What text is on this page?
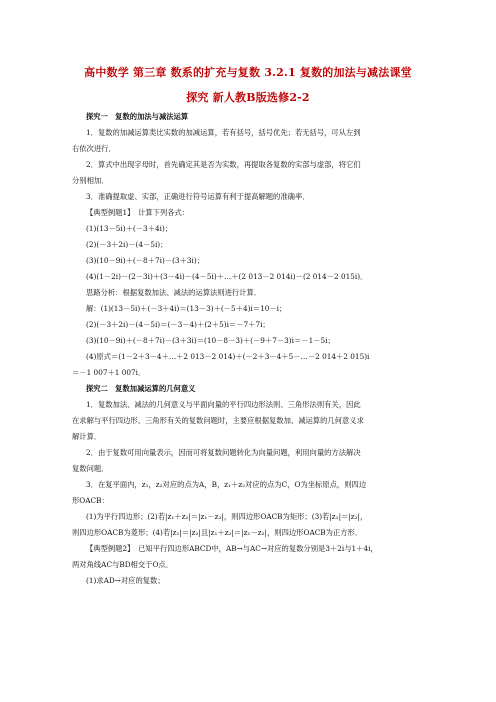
高中数学 第三章 数系的扩充与复数 3.2.1 复数的加法与减法课堂
探究 新人教B版选修2-2
探究一　复数的加法与减法运算
1．复数的加减运算类比实数的加减运算，若有括号，括号优先；若无括号，可从左到
右依次进行．
2．算式中出现字母时，首先确定其是否为实数，再提取各复数的实部与虚部，将它们
分别相加．
3．准确提取虚、实部，正确进行符号运算有利于提高解题的准确率．
【典型例题1】　计算下列各式：
(1)(13－5i)＋(－3＋4i)；
(2)(－3＋2i)－(4－5i)；
(3)(10－9i)＋(－8＋7i)－(3＋3i)；
(4)(1－2i)－(2－3i)＋(3－4i)－(4－5i)＋…＋(2 013－2 014i)－(2 014－2 015i)．
思路分析：根据复数加法、减法的运算法则进行计算．
解：(1)(13－5i)＋(－3＋4i)＝(13－3)＋(－5＋4)i＝10－i；
(2)(－3＋2i)－(4－5i)＝(－3－4)＋(2＋5)i＝－7＋7i；
(3)(10－9i)＋(－8＋7i)－(3＋3i)＝(10－8－3)＋(－9＋7－3)i＝－1－5i；
(4)原式＝(1－2＋3－4＋…＋2 013－2 014)＋(－2＋3－4＋5－…－2 014＋2 015)i
＝－1 007＋1 007i．
探究二　复数加减运算的几何意义
1．复数加法、减法的几何意义与平面向量的平行四边形法则、三角形法则有关，因此
在求解与平行四边形、三角形有关的复数问题时，主要应根据复数加、减运算的几何意义求
解计算．
2．由于复数可用向量表示，因而可将复数问题转化为向量问题，利用向量的方法解决
复数问题．
3．在复平面内，z₁，z₂对应的点为A，B，z₁＋z₂对应的点为C，O为坐标原点，则四边
形OACB：
(1)为平行四边形；(2)若|z₁＋z₂|＝|z₁－z₂|，则四边形OACB为矩形；(3)若|z₁|＝|z₂|，
则四边形OACB为菱形；(4)若|z₁|＝|z₂|且|z₁＋z₂|＝|z₁－z₂|，则四边形OACB为正方形．
【典型例题2】　已知平行四边形ABCD中，AB→与AC→对应的复数分别是3＋2i与1＋4i，
两对角线AC与BD相交于O点．
(1)求AD→对应的复数；
